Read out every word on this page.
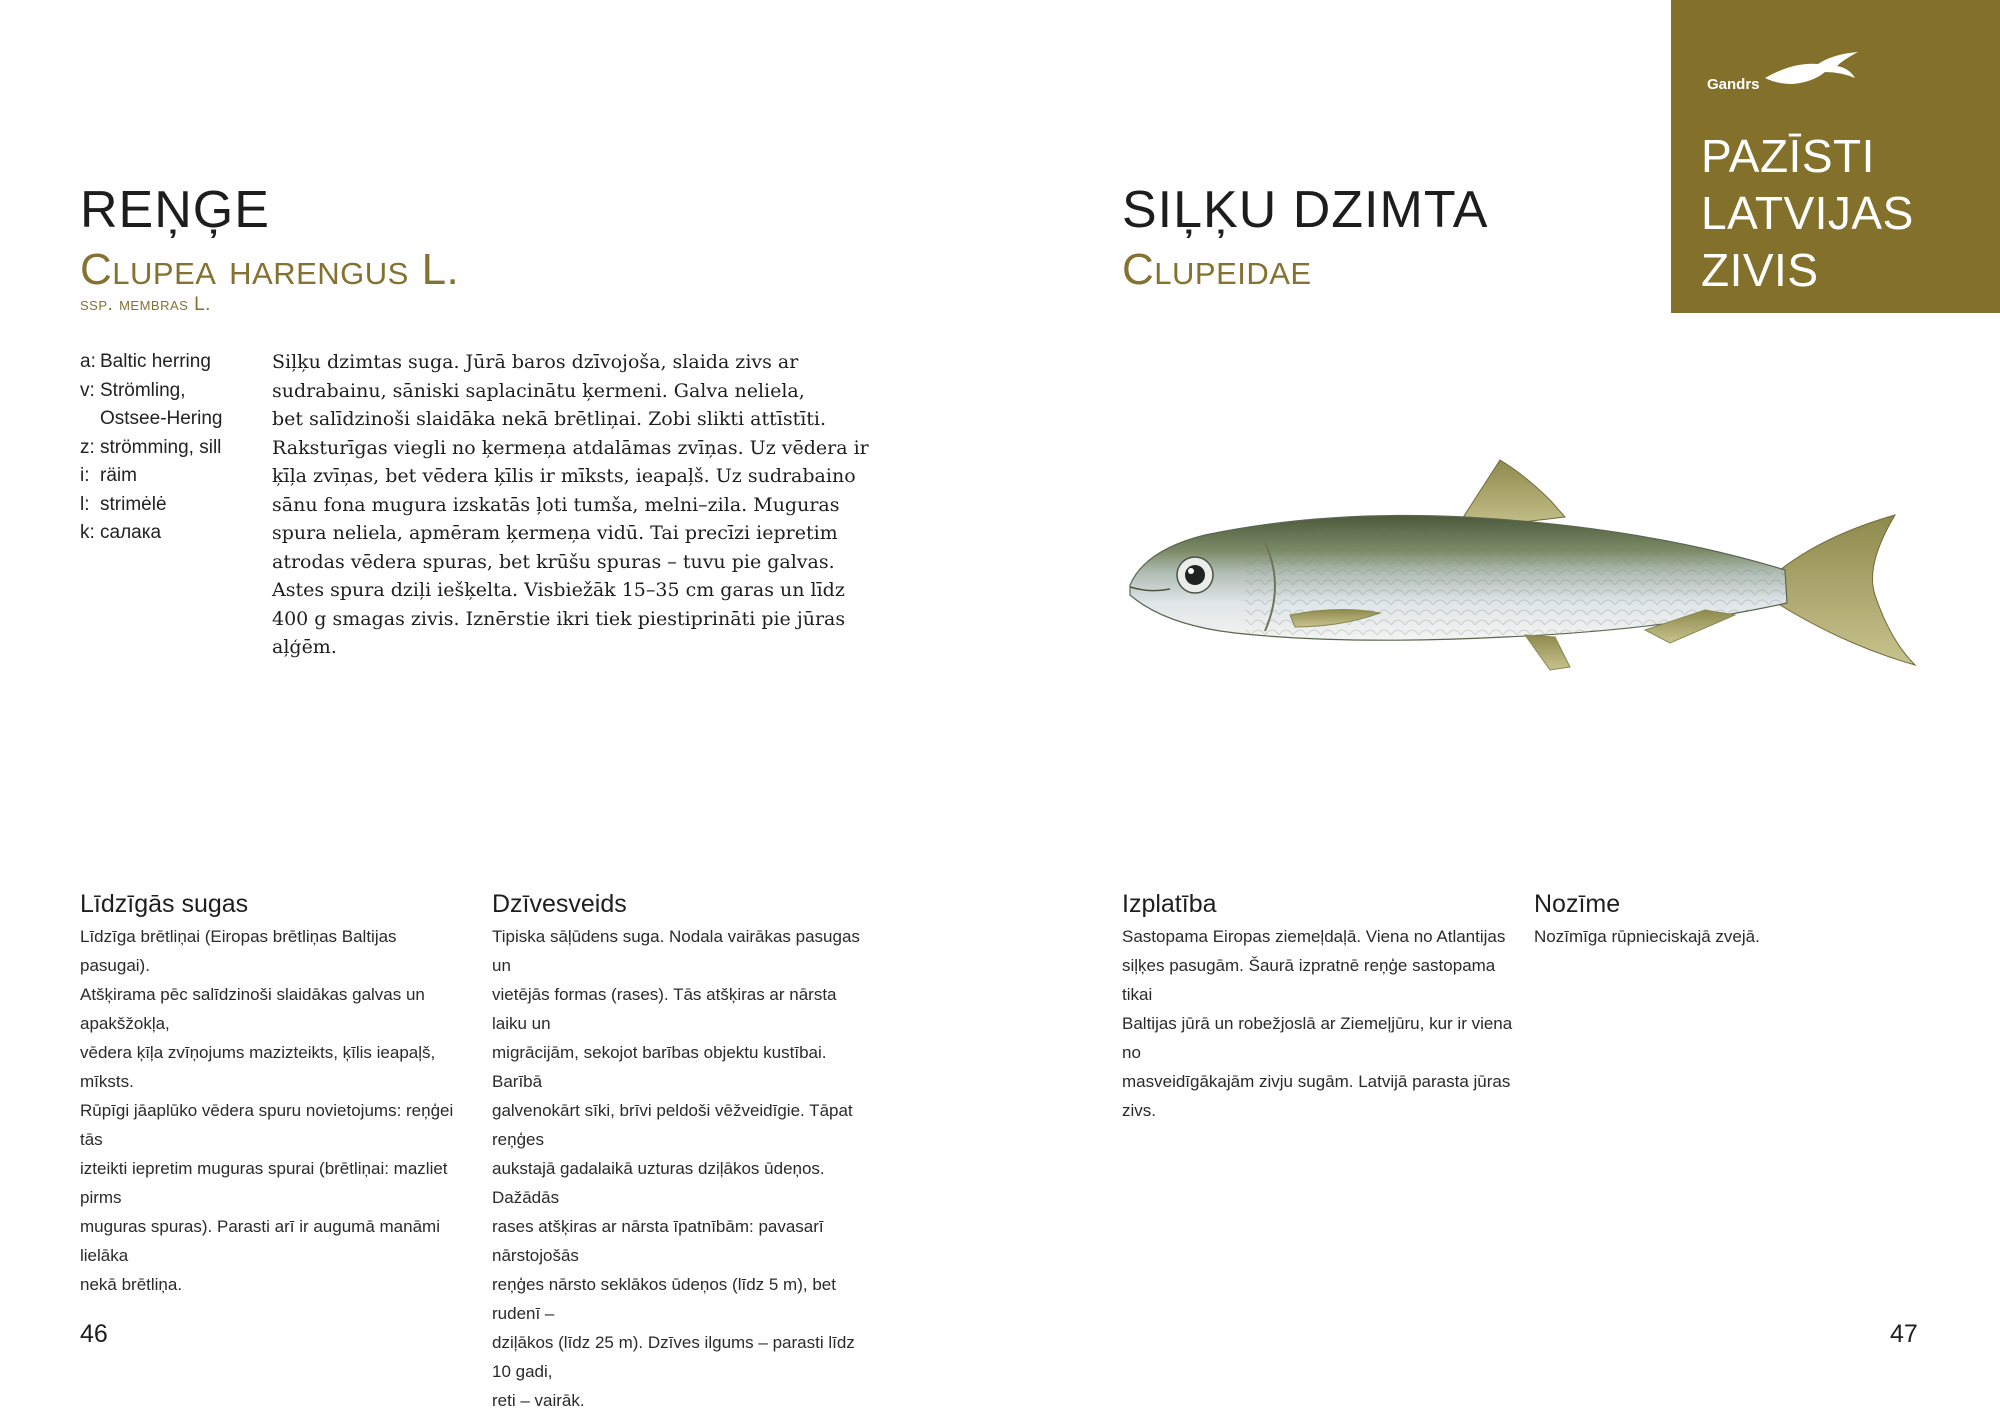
REŅĢE
Clupea harengus L.
ssp. membras L.
a: Baltic herring
v: Strömling,
Ostsee-Hering
z: strömming, sill
i: räim
l: strimėlė
k: салака
Siļķu dzimtas suga. Jūrā baros dzīvojoša, slaida zivs ar
sudrabainu, sāniski saplacinātu ķermeni. Galva neliela,
bet salīdzinoši slaidāka nekā brētliņai. Zobi slikti attīstīti.
Raksturīgas viegli no ķermeņa atdalāmas zvīņas. Uz vēdera ir
ķīļa zvīņas, bet vēdera ķīlis ir mīksts, ieapaļš. Uz sudrabaino
sānu fona mugura izskatās ļoti tumša, melni–zila. Muguras
spura neliela, apmēram ķermeņa vidū. Tai precīzi iepretim
atrodas vēdera spuras, bet krūšu spuras – tuvu pie galvas.
Astes spura dziļi iešķelta. Visbiežāk 15–35 cm garas un līdz
400 g smagas zivis. Iznērstie ikri tiek piestiprināti pie jūras
aļģēm.
Līdzīgās sugas
Līdzīga brētliņai (Eiropas brētliņas Baltijas pasugai).
Atšķirama pēc salīdzinoši slaidākas galvas un apakšžokļa,
vēdera ķīļa zvīņojums mazizteikts, ķīlis ieapaļš, mīksts.
Rūpīgi jāaplūko vēdera spuru novietojums: reņģei tās
izteikti iepretim muguras spurai (brētliņai: mazliet pirms
muguras spuras). Parasti arī ir augumā manāmi lielāka
nekā brētliņa.
Dzīvesveids
Tipiska sāļūdens suga. Nodala vairākas pasugas un
vietējās formas (rases). Tās atšķiras ar nārsta laiku un
migrācijām, sekojot barības objektu kustībai. Barībā
galvenokārt sīki, brīvi peldoši vēžveidīgie. Tāpat reņģes
aukstajā gadalaikā uzturas dziļākos ūdeņos. Dažādās
rases atšķiras ar nārsta īpatnībām: pavasarī nārstojošās
reņģes nārsto seklākos ūdeņos (līdz 5 m), bet rudenī –
dziļākos (līdz 25 m). Dzīves ilgums – parasti līdz 10 gadi,
reti – vairāk.
46
SIĻĶU DZIMTA
Clupeidae
Izplatība
Sastopama Eiropas ziemeļdaļā. Viena no Atlantijas
siļķes pasugām. Šaurā izpratnē reņģe sastopama tikai
Baltijas jūrā un robežjoslā ar Ziemeļjūru, kur ir viena no
masveidīgākajām zivju sugām. Latvijā parasta jūras zivs.
Nozīme
Nozīmīga rūpnieciskajā zvejā.
47
Gandrs
PAZĪSTI
LATVIJAS
ZIVIS
